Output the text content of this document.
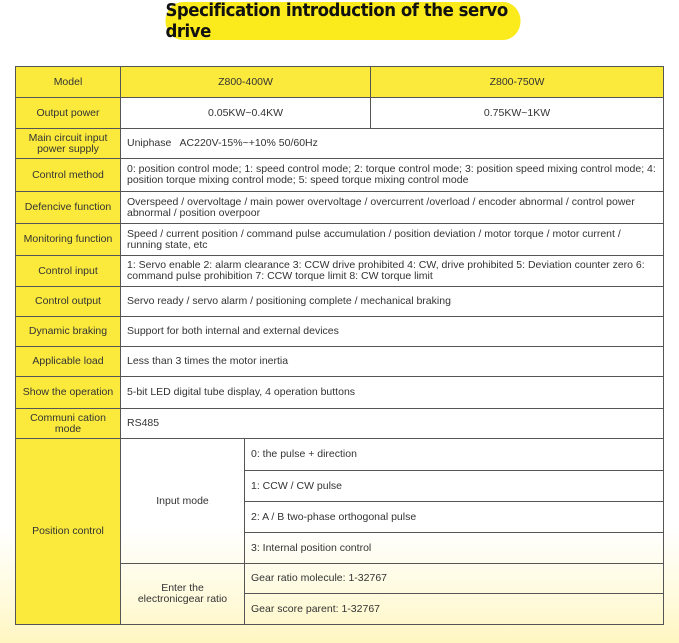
Specification introduction of the servo drive
Model	Z800-400W		Z800-750W
Output power	0.05KW~0.4KW		0.75KW~1KW
Main circuit input power supply	Uniphase   AC220V-15%~+10% 50/60Hz		
Control method	0: position control mode; 1: speed control mode; 2: torque control mode; 3: position speed mixing control mode; 4: position torque mixing control mode; 5: speed torque mixing control mode		
Defencive function	Overspeed / overvoltage / main power overvoltage / overcurrent /overload / encoder abnormal / control power abnormal / position overpoor		
Monitoring function	Speed / current position / command pulse accumulation / position deviation / motor torque / motor current / running state, etc		
Control input	1: Servo enable 2: alarm clearance 3: CCW drive prohibited 4: CW, drive prohibited 5: Deviation counter zero 6: command pulse prohibition 7: CCW torque limit 8: CW torque limit		
Control output	Servo ready / servo alarm / positioning complete / mechanical braking		
Dynamic braking	Support for both internal and external devices		
Applicable load	Less than 3 times the motor inertia		
Show the operation	5-bit LED digital tube display, 4 operation buttons		
Communi cation mode	RS485		
Position control	Input mode	0: the pulse + direction	
		1: CCW / CW pulse	
		2: A / B two-phase orthogonal pulse	
		3: Internal position control	
	Enter the electronicgear ratio	Gear ratio molecule: 1-32767	
		Gear score parent: 1-32767	
